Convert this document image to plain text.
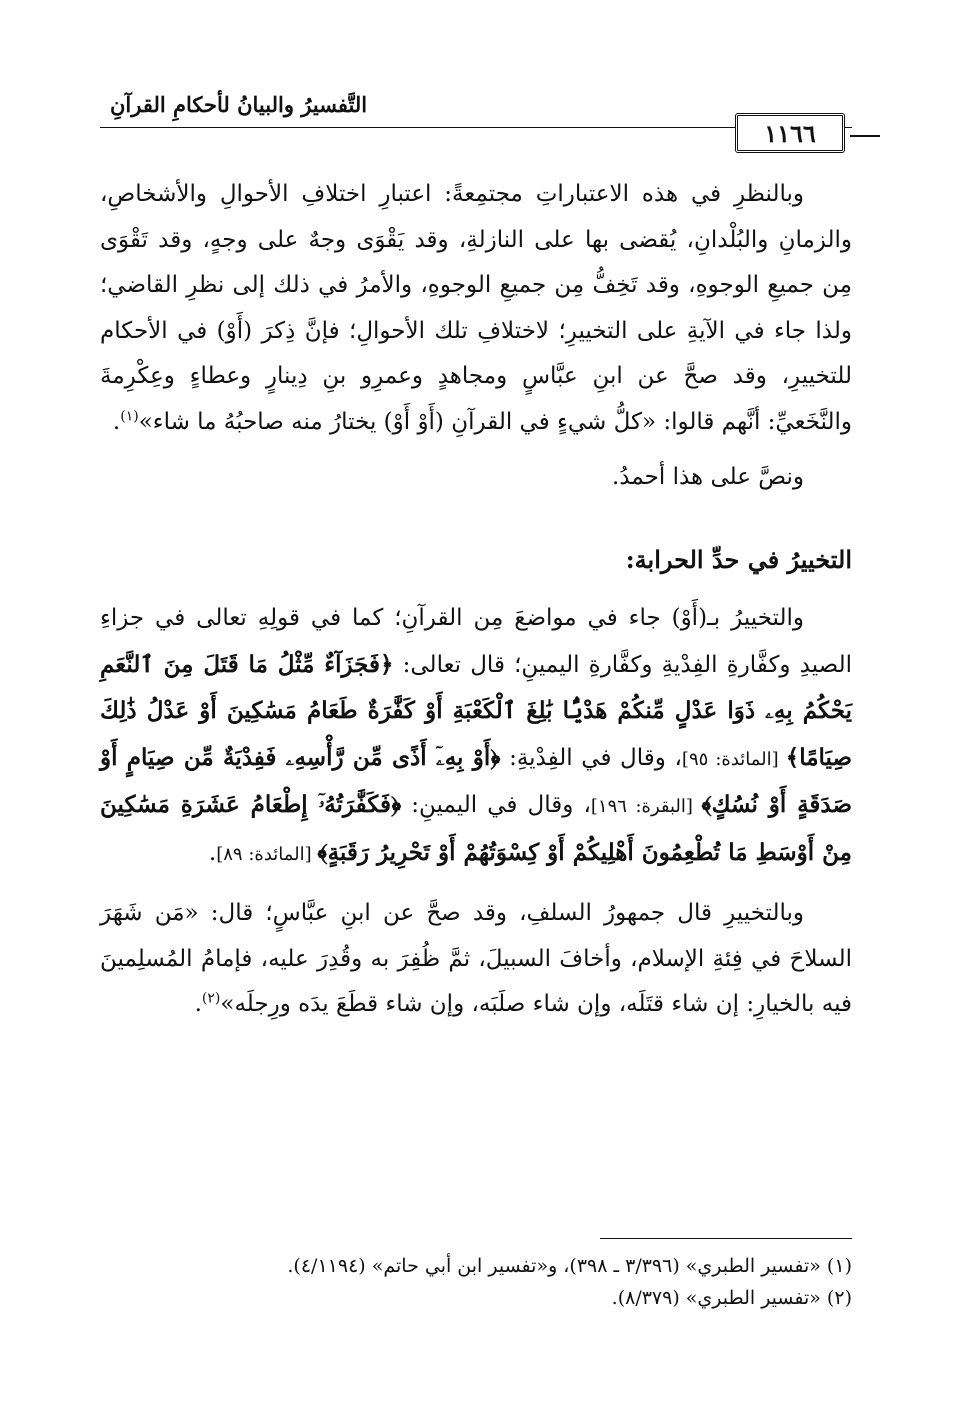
التَّفسيرُ والبيانُ لأحكامِ القرآنِ
١١٦٦

وبالنظرِ في هذه الاعتباراتِ مجتمِعةً: اعتبارِ اختلافِ الأحوالِ والأشخاصِ، والزمانِ والبُلْدانِ، يُقضى بها على النازلةِ، وقد يَقْوَى وجهٌ على وجهٍ، وقد تَقْوَى مِن جميعِ الوجوهِ، وقد تَخِفُّ مِن جميعِ الوجوهِ، والأمرُ في ذلك إلى نظرِ القاضي؛ ولذا جاء في الآيةِ على التخييرِ؛ لاختلافِ تلك الأحوالِ؛ فإنَّ ذِكرَ (أَوْ) في الأحكام للتخييرِ، وقد صحَّ عن ابنِ عبَّاسٍ ومجاهدٍ وعمرِو بنِ دِينارٍ وعطاءٍ وعِكْرِمةَ والنَّخَعيِّ: أنَّهم قالوا: «كلُّ شيءٍ في القرآنِ (أَوْ أَوْ) يختارُ منه صاحبُهُ ما شاء»$^{(١)}$.

ونصَّ على هذا أحمدُ.

التخييرُ في حدِّ الحرابة:

والتخييرُ بـ(أَوْ) جاء في مواضعَ مِن القرآنِ؛ كما في قولِهِ تعالى في جزاءِ الصيدِ وكفَّارةِ الفِدْيةِ وكفَّارةِ اليمينِ؛ قال تعالى: ﴿فَجَزَآءٌ مِّثْلُ مَا قَتَلَ مِنَ ٱلنَّعَمِ يَحْكُمُ بِهِۦ ذَوَا عَدْلٍ مِّنكُمْ هَدْيًۢا بَٰلِغَ ٱلْكَعْبَةِ أَوْ كَفَّٰرَةٌ طَعَامُ مَسَٰكِينَ أَوْ عَدْلُ ذَٰلِكَ صِيَامًا﴾ [المائدة: ٩٥]، وقال في الفِدْيةِ: ﴿أَوْ بِهِۦٓ أَذًى مِّن رَّأْسِهِۦ فَفِدْيَةٌ مِّن صِيَامٍ أَوْ صَدَقَةٍ أَوْ نُسُكٍ﴾ [البقرة: ١٩٦]، وقال في اليمينِ: ﴿فَكَفَّٰرَتُهُۥٓ إِطْعَامُ عَشَرَةِ مَسَٰكِينَ مِنْ أَوْسَطِ مَا تُطْعِمُونَ أَهْلِيكُمْ أَوْ كِسْوَتُهُمْ أَوْ تَحْرِيرُ رَقَبَةٍ﴾ [المائدة: ٨٩].

وبالتخييرِ قال جمهورُ السلفِ، وقد صحَّ عن ابنِ عبَّاسٍ؛ قال: «مَن شَهَرَ السلاحَ في فِئةِ الإسلام، وأخافَ السبيلَ، ثمَّ ظُفِرَ به وقُدِرَ عليه، فإمامُ المُسلِمينَ فيه بالخيارِ: إن شاء قتَلَه، وإن شاء صلَبَه، وإن شاء قطَعَ يدَه ورِجلَه»$^{(٢)}$.

(١) «تفسير الطبري» (٣/٣٩٦ ـ ٣٩٨)، و«تفسير ابن أبي حاتم» (٤/١١٩٤).

(٢) «تفسير الطبري» (٨/٣٧٩).
